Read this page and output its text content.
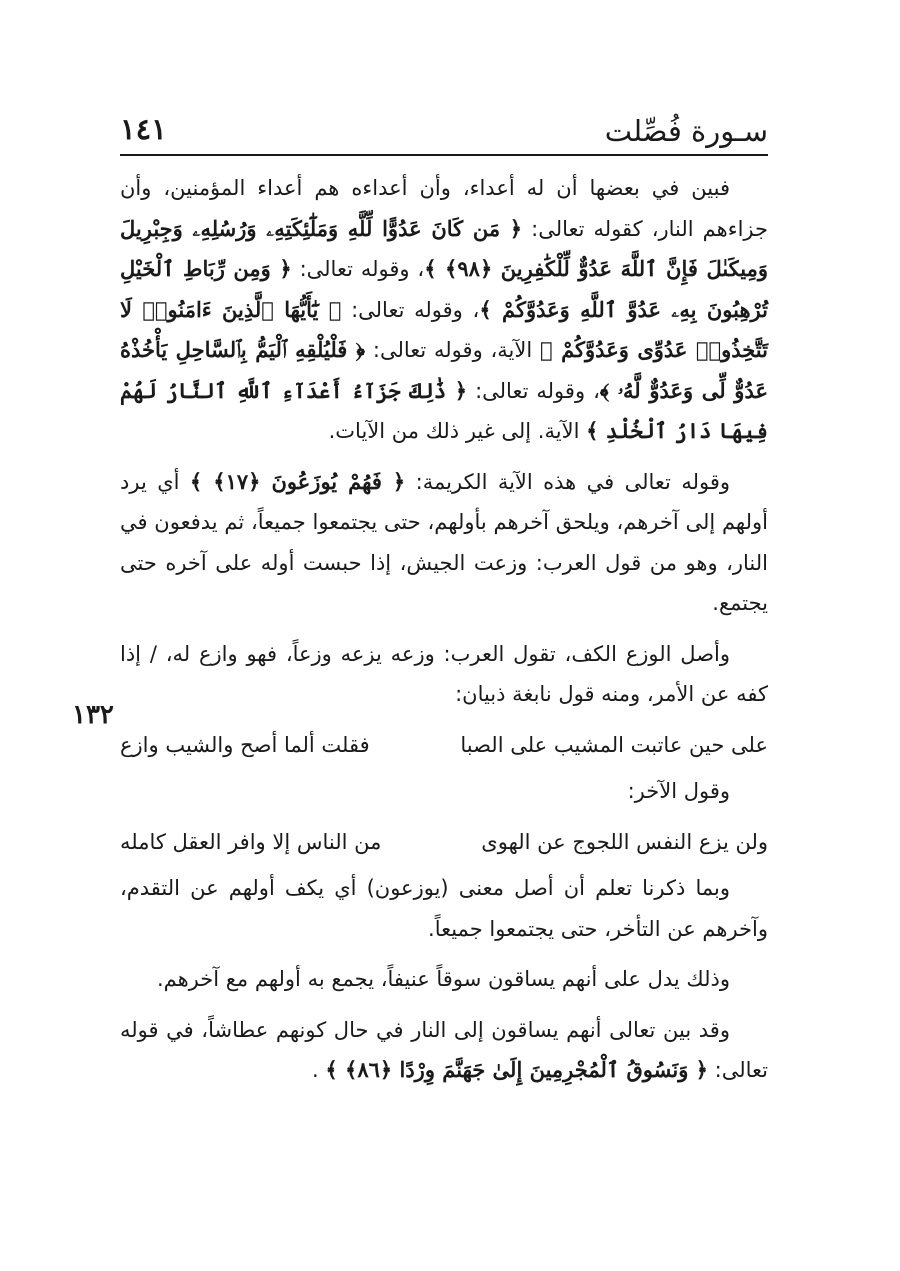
سـورة فُصِّلت
١٤١
١٣٢

فبين في بعضها أن له أعداء، وأن أعداءه هم أعداء المؤمنين، وأن جزاءهم النار، كقوله تعالى: ﴿ مَن كَانَ عَدُوًّا لِّلَّهِ وَمَلَٰٓئِكَتِهِۦ وَرُسُلِهِۦ وَجِبْرِيلَ وَمِيكَىٰلَ فَإِنَّ ٱللَّهَ عَدُوٌّ لِّلْكَٰفِرِينَ ﴿٩٨﴾ ﴾، وقوله تعالى: ﴿ وَمِن رِّبَاطِ ٱلْخَيْلِ تُرْهِبُونَ بِهِۦ عَدُوَّ ٱللَّهِ وَعَدُوَّكُمْ ﴾، وقوله تعالى: ﴿ يَٰٓأَيُّهَا ٱلَّذِينَ ءَامَنُوا۟ لَا تَتَّخِذُوا۟ عَدُوِّى وَعَدُوَّكُمْ ﴾ الآية، وقوله تعالى: ﴿ فَلْيُلْقِهِ ٱلْيَمُّ بِٱلسَّاحِلِ يَأْخُذْهُ عَدُوٌّ لِّى وَعَدُوٌّ لَّهُۥ ﴾، وقوله تعالى: ﴿ ذَٰلِكَ جَزَآءُ أَعْدَآءِ ٱللَّهِ ٱلنَّارُ لَهُمْ فِيهَا دَارُ ٱلْخُلْدِ ﴾ الآية. إلى غير ذلك من الآيات.

وقوله تعالى في هذه الآية الكريمة: ﴿ فَهُمْ يُوزَعُونَ ﴿١٧﴾ ﴾ أي يرد أولهم إلى آخرهم، ويلحق آخرهم بأولهم، حتى يجتمعوا جميعاً، ثم يدفعون في النار، وهو من قول العرب: وزعت الجيش، إذا حبست أوله على آخره حتى يجتمع.

وأصل الوزع الكف، تقول العرب: وزعه يزعه وزعاً، فهو وازع له، / إذا كفه عن الأمر، ومنه قول نابغة ذبيان:

على حين عاتبت المشيب على الصبا
فقلت ألما أصح والشيب وازع

وقول الآخر:

ولن يزع النفس اللجوج عن الهوى
من الناس إلا وافر العقل كامله

وبما ذكرنا تعلم أن أصل معنى (يوزعون) أي يكف أولهم عن التقدم، وآخرهم عن التأخر، حتى يجتمعوا جميعاً.

وذلك يدل على أنهم يساقون سوقاً عنيفاً، يجمع به أولهم مع آخرهم.

وقد بين تعالى أنهم يساقون إلى النار في حال كونهم عطاشاً، في قوله تعالى: ﴿ وَنَسُوقُ ٱلْمُجْرِمِينَ إِلَىٰ جَهَنَّمَ وِرْدًا ﴿٨٦﴾ ﴾ .
